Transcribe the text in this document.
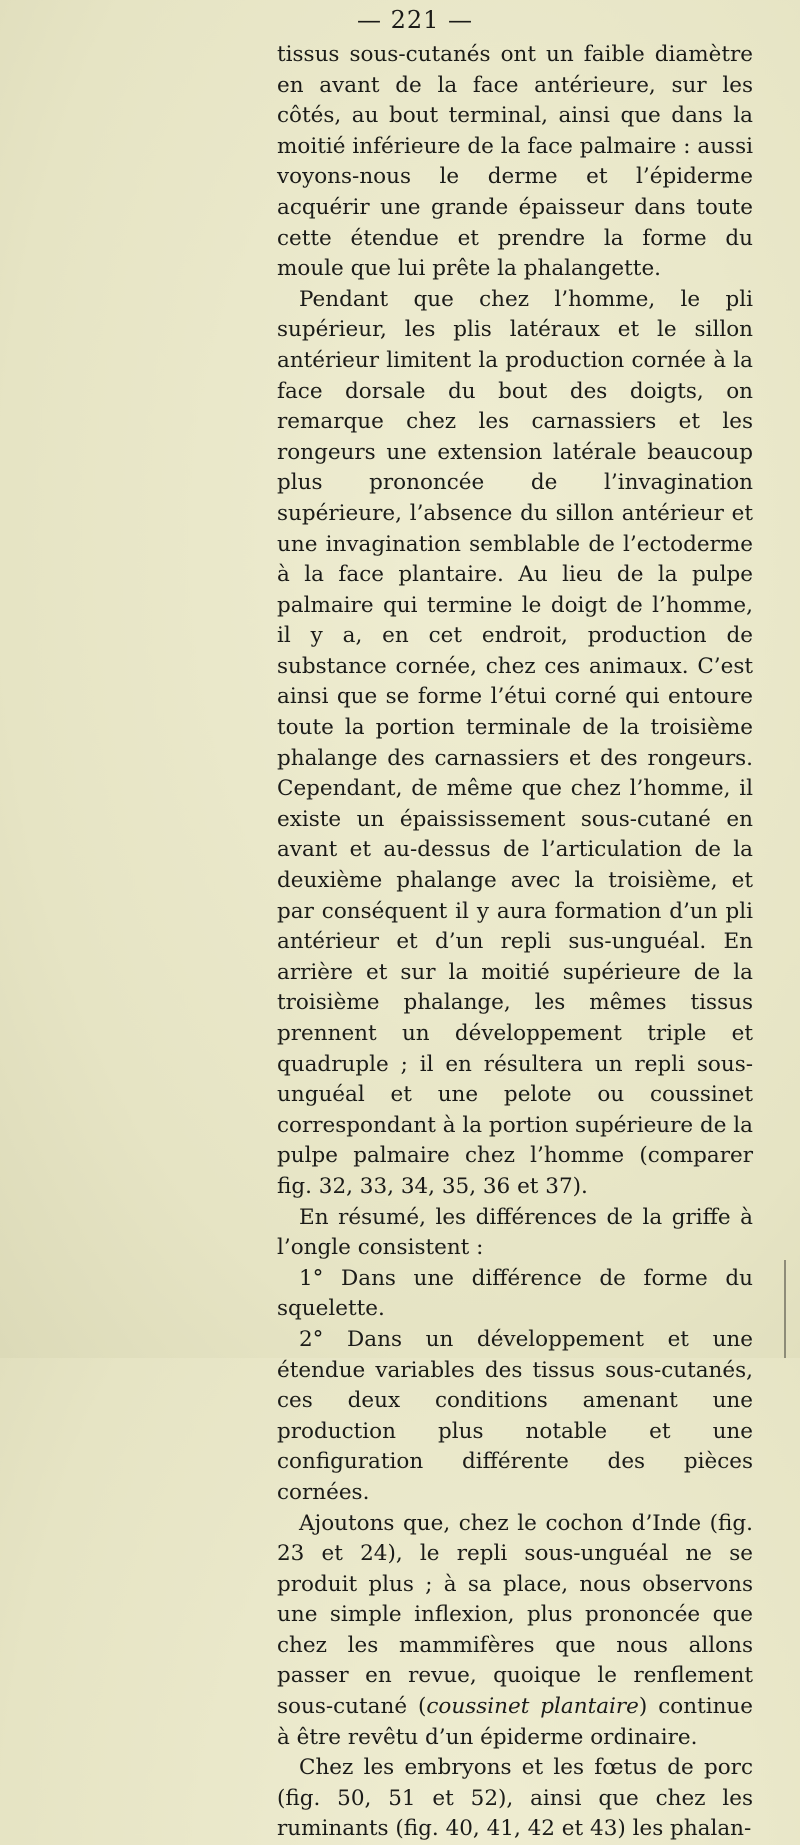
— 221 —

tissus sous-cutanés ont un faible diamètre en avant de la face antérieure, sur les côtés, au bout terminal, ainsi que dans la moitié inférieure de la face palmaire : aussi voyons-nous le derme et l’épiderme acquérir une grande épaisseur dans toute cette étendue et prendre la forme du moule que lui prête la phalangette.

Pendant que chez l’homme, le pli supérieur, les plis latéraux et le sillon antérieur limitent la production cornée à la face dorsale du bout des doigts, on remarque chez les carnassiers et les rongeurs une extension latérale beaucoup plus prononcée de l’invagination supérieure, l’absence du sillon antérieur et une invagination semblable de l’ectoderme à la face plantaire. Au lieu de la pulpe palmaire qui termine le doigt de l’homme, il y a, en cet endroit, production de substance cornée, chez ces animaux. C’est ainsi que se forme l’étui corné qui entoure toute la portion terminale de la troisième phalange des carnassiers et des rongeurs. Cependant, de même que chez l’homme, il existe un épaississement sous-cutané en avant et au-dessus de l’articulation de la deuxième phalange avec la troisième, et par conséquent il y aura formation d’un pli antérieur et d’un repli sus-unguéal. En arrière et sur la moitié supérieure de la troisième phalange, les mêmes tissus prennent un développement triple et quadruple ; il en résultera un repli sous-unguéal et une pelote ou coussinet correspondant à la portion supérieure de la pulpe palmaire chez l’homme (comparer fig. 32, 33, 34, 35, 36 et 37).

En résumé, les différences de la griffe à l’ongle consistent :

1° Dans une différence de forme du squelette.

2° Dans un développement et une étendue variables des tissus sous-cutanés, ces deux conditions amenant une production plus notable et une configuration différente des pièces cornées.

Ajoutons que, chez le cochon d’Inde (fig. 23 et 24), le repli sous-unguéal ne se produit plus ; à sa place, nous observons une simple inflexion, plus prononcée que chez les mammifères que nous allons passer en revue, quoique le renflement sous-cutané (coussinet plantaire) continue à être revêtu d’un épiderme ordinaire.

Chez les embryons et les fœtus de porc (fig. 50, 51 et 52), ainsi que chez les ruminants (fig. 40, 41, 42 et 43) les phalan-
